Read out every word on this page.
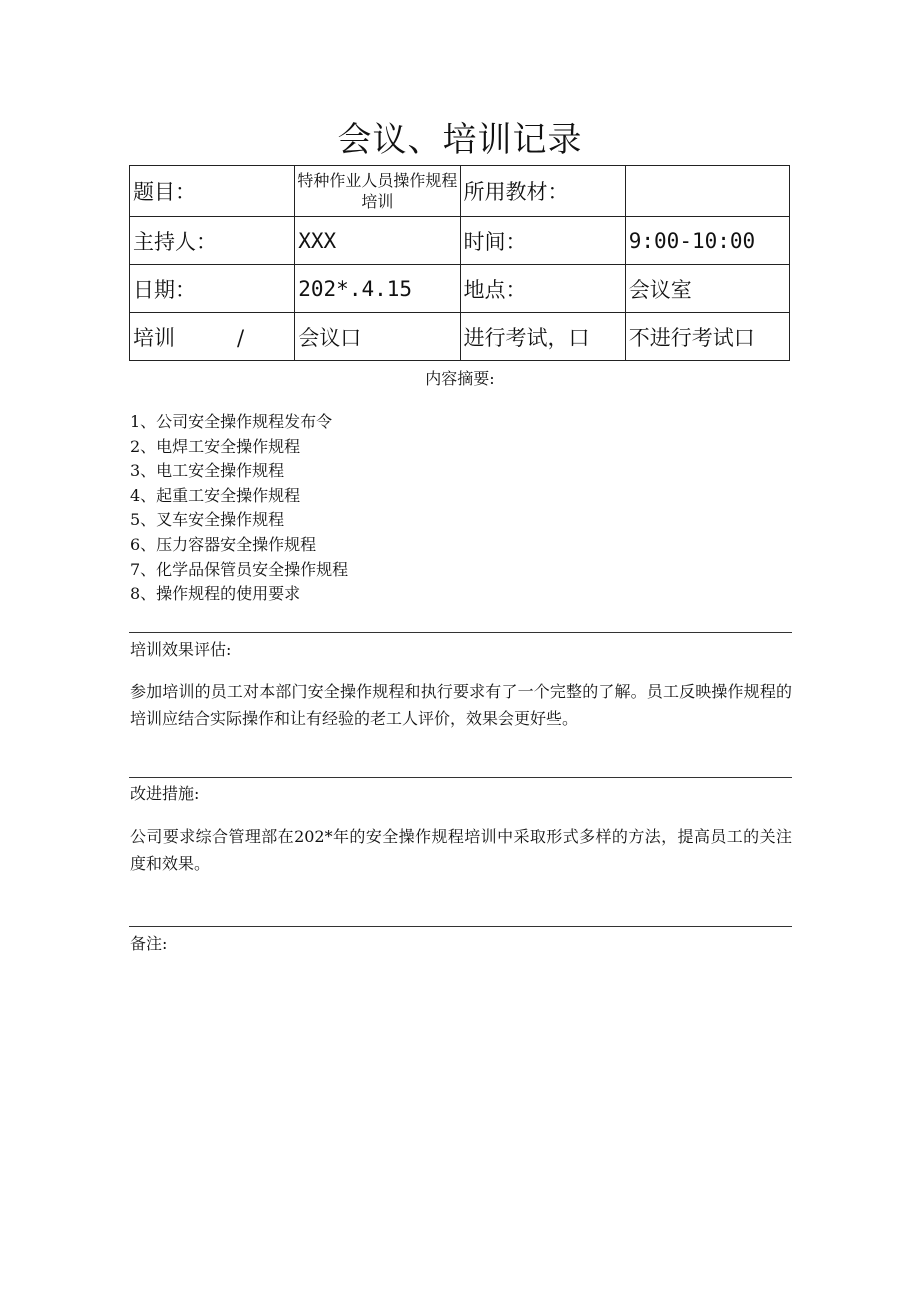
会议、培训记录
题目：	特种作业人员操作规程培训	所用教材：	
主持人：	XXX	时间：	9:00-10:00
日期：	202*.4.15	地点：	会议室
培训 /	会议口	进行考试，口	不进行考试口
内容摘要:
1、公司安全操作规程发布令
2、电焊工安全操作规程
3、电工安全操作规程
4、起重工安全操作规程
5、叉车安全操作规程
6、压力容器安全操作规程
7、化学品保管员安全操作规程
8、操作规程的使用要求
培训效果评估:
参加培训的员工对本部门安全操作规程和执行要求有了一个完整的了解。员工反映操作规程的培训应结合实际操作和让有经验的老工人评价，效果会更好些。
改进措施:
公司要求综合管理部在202*年的安全操作规程培训中采取形式多样的方法，提高员工的关注度和效果。
备注:
